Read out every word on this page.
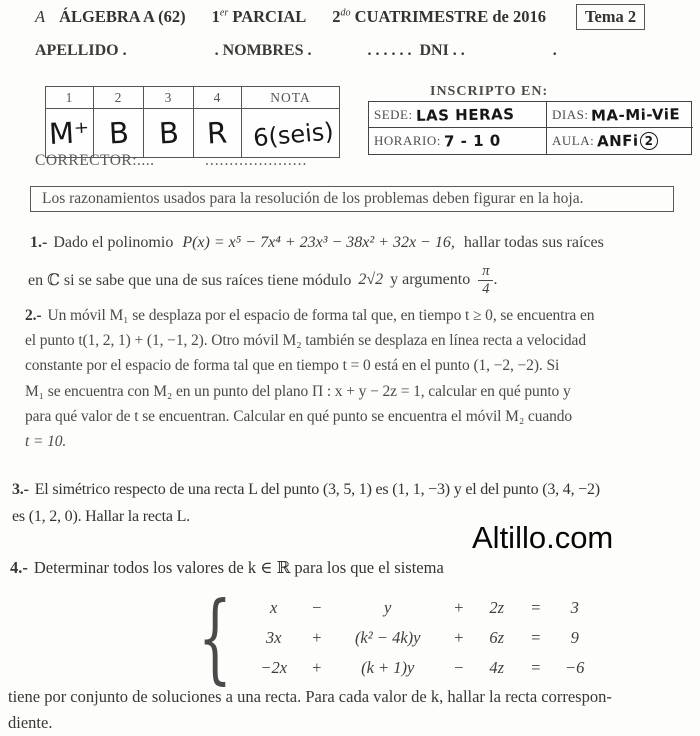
A ÁLGEBRA A (62) 1er PARCIAL $2^{do}$ CUATRIMESTRE de 2016 Tema 2
APELLIDO .                      . NOMBRES .              . . . . . .  DNI . .                      .
1	2	3	4	NOTA
M⁺ B B R 6(seis)
CORRECTOR:....	.....................
INSCRIPTO EN:
SEDE: LAS HERAS	DIAS: MA-Mi-ViE
HORARIO: 7 - 1 0	AULA: ANFi 2
Los razonamientos usados para la resolución de los problemas deben figurar en la hoja.
1.- Dado el polinomio P(x) = x⁵ − 7x⁴ + 23x³ − 38x² + 32x − 16, hallar todas sus raíces
en ℂ si se sabe que una de sus raíces tiene módulo 2√2 y argumento $\frac{\pi}{4}$ .
2.- Un móvil M₁ se desplaza por el espacio de forma tal que, en tiempo t ≥ 0, se encuentra en
el punto t(1, 2, 1) + (1, −1, 2). Otro móvil M₂ también se desplaza en línea recta a velocidad
constante por el espacio de forma tal que en tiempo t = 0 está en el punto (1, −2, −2). Si
M₁ se encuentra con M₂ en un punto del plano Π : x + y − 2z = 1, calcular en qué punto y
para qué valor de t se encuentran. Calcular en qué punto se encuentra el móvil M₂ cuando
t = 10.
3.- El simétrico respecto de una recta L del punto (3, 5, 1) es (1, 1, −3) y el del punto (3, 4, −2)
es (1, 2, 0). Hallar la recta L.
Altillo.com
4.- Determinar todos los valores de k ∈ ℝ para los que el sistema
{	x	−	y	+	2z	=	3
3x	+	(k² − 4k)y	+	6z	=	9
−2x	+	(k + 1)y	−	4z	=	−6
tiene por conjunto de soluciones a una recta. Para cada valor de k, hallar la recta correspon-
diente.
